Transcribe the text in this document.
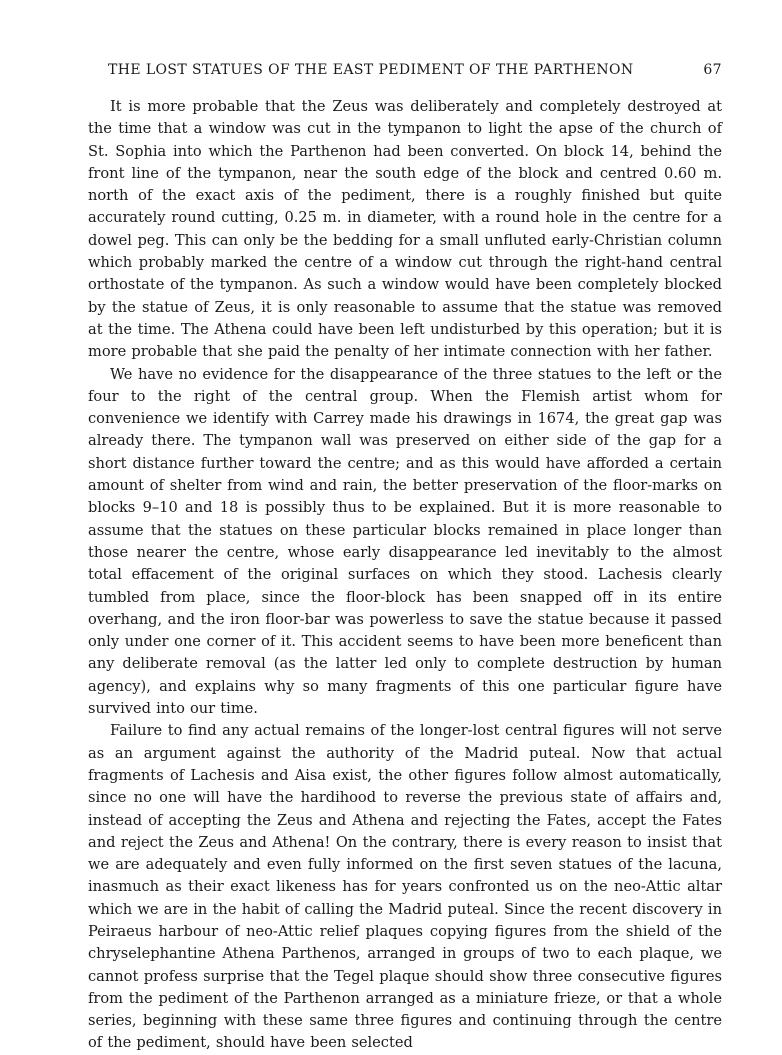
THE LOST STATUES OF THE EAST PEDIMENT OF THE PARTHENON	67

It is more probable that the Zeus was deliberately and completely destroyed at the time that a window was cut in the tympanon to light the apse of the church of St. Sophia into which the Parthenon had been converted. On block 14, behind the front line of the tympanon, near the south edge of the block and centred 0.60 m. north of the exact axis of the pediment, there is a roughly finished but quite accurately round cutting, 0.25 m. in diameter, with a round hole in the centre for a dowel peg. This can only be the bedding for a small unfluted early-Christian column which probably marked the centre of a window cut through the right-hand central orthostate of the tympanon. As such a window would have been completely blocked by the statue of Zeus, it is only reasonable to assume that the statue was removed at the time. The Athena could have been left undisturbed by this operation; but it is more probable that she paid the penalty of her intimate connection with her father.

We have no evidence for the disappearance of the three statues to the left or the four to the right of the central group. When the Flemish artist whom for convenience we identify with Carrey made his drawings in 1674, the great gap was already there. The tympanon wall was preserved on either side of the gap for a short distance further toward the centre; and as this would have afforded a certain amount of shelter from wind and rain, the better preservation of the floor-marks on blocks 9–10 and 18 is possibly thus to be explained. But it is more reasonable to assume that the statues on these particular blocks remained in place longer than those nearer the centre, whose early disappearance led inevitably to the almost total effacement of the original surfaces on which they stood. Lachesis clearly tumbled from place, since the floor-block has been snapped off in its entire overhang, and the iron floor-bar was powerless to save the statue because it passed only under one corner of it. This accident seems to have been more beneficent than any deliberate removal (as the latter led only to complete destruction by human agency), and explains why so many fragments of this one particular figure have survived into our time.

Failure to find any actual remains of the longer-lost central figures will not serve as an argument against the authority of the Madrid puteal. Now that actual fragments of Lachesis and Aisa exist, the other figures follow almost automatically, since no one will have the hardihood to reverse the previous state of affairs and, instead of accepting the Zeus and Athena and rejecting the Fates, accept the Fates and reject the Zeus and Athena! On the contrary, there is every reason to insist that we are adequately and even fully informed on the first seven statues of the lacuna, inasmuch as their exact likeness has for years confronted us on the neo-Attic altar which we are in the habit of calling the Madrid puteal. Since the recent discovery in Peiraeus harbour of neo-Attic relief plaques copying figures from the shield of the chryselephantine Athena Parthenos, arranged in groups of two to each plaque, we cannot profess surprise that the Tegel plaque should show three consecutive figures from the pediment of the Parthenon arranged as a miniature frieze, or that a whole series, beginning with these same three figures and continuing through the centre of the pediment, should have been selected
